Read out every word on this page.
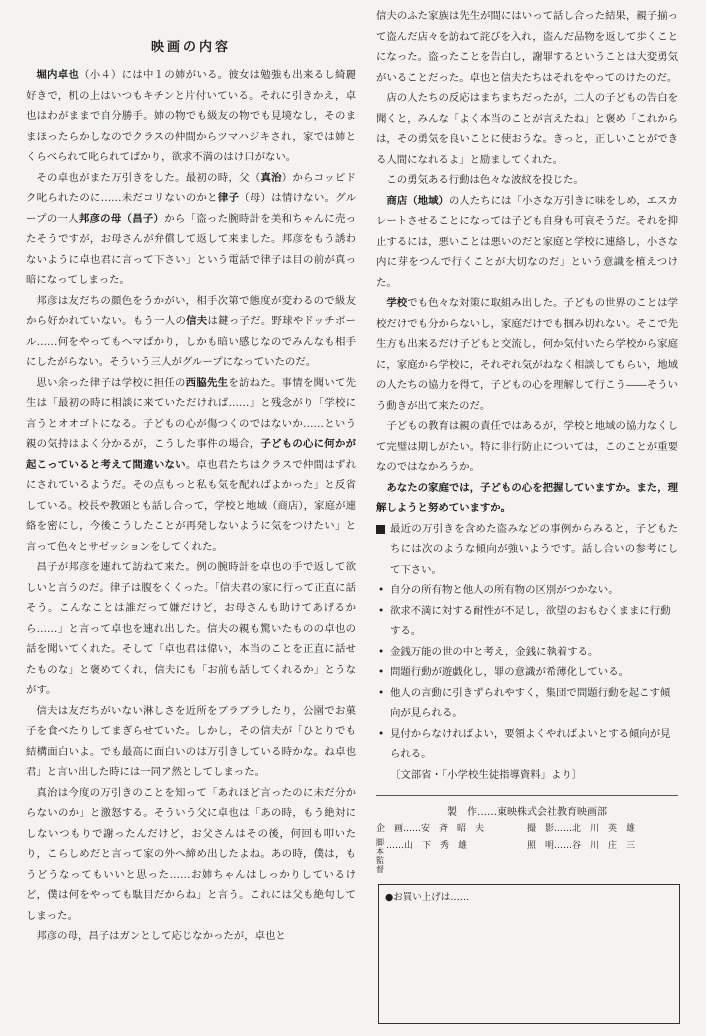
映画の内容

堀内卓也（小４）には中１の姉がいる。彼女は勉強も出来るし綺麗好きで，机の上はいつもキチンと片付いている。それに引きかえ，卓也はわがままで自分勝手。姉の物でも級友の物でも見境なし，そのままほったらかしなのでクラスの仲間からツマハジキされ，家では姉とくらべられて叱られてばかり，欲求不満のはけ口がない。

その卓也がまた万引きをした。最初の時，父（真治）からコッピドク叱られたのに……未だコリないのかと律子（母）は情けない。グループの一人邦彦の母（昌子）から「盗った腕時計を美和ちゃんに売ったそうですが，お母さんが弁償して返して来ました。邦彦をもう誘わないように卓也君に言って下さい」という電話で律子は目の前が真っ暗になってしまった。

邦彦は友だちの顔色をうかがい，相手次第で態度が変わるので級友から好かれていない。もう一人の信夫は鍵っ子だ。野球やドッチボール……何をやってもヘマばかり，しかも暗い感じなのでみんなも相手にしたがらない。そういう三人がグループになっていたのだ。

思い余った律子は学校に担任の西脇先生を訪ねた。事情を聞いて先生は「最初の時に相談に来ていただければ……」と残念がり「学校に言うとオオゴトになる。子どもの心が傷つくのではないか……という親の気持はよく分かるが，こうした事件の場合，子どもの心に何かが起こっていると考えて間違いない。卓也君たちはクラスで仲間はずれにされているようだ。その点もっと私も気を配ればよかった」と反省している。校長や教頭とも話し合って，学校と地域（商店），家庭が連絡を密にし，今後こうしたことが再発しないように気をつけたい」と言って色々とサゼッションをしてくれた。

昌子が邦彦を連れて訪ねて来た。例の腕時計を卓也の手で返して欲しいと言うのだ。律子は腹をくくった。「信夫君の家に行って正直に話そう。こんなことは誰だって嫌だけど，お母さんも助けてあげるから……」と言って卓也を連れ出した。信夫の親も驚いたものの卓也の話を聞いてくれた。そして「卓也君は偉い，本当のことを正直に話せたものな」と褒めてくれ，信夫にも「お前も話してくれるか」とうながす。

信夫は友だちがいない淋しさを近所をブラブラしたり，公園でお菓子を食べたりしてまぎらせていた。しかし，その信夫が「ひとりでも結構面白いよ。でも最高に面白いのは万引きしている時かな。ね卓也君」と言い出した時には一同ア然としてしまった。

真治は今度の万引きのことを知って「あれほど言ったのに未だ分からないのか」と激怒する。そういう父に卓也は「あの時，もう絶対にしないつもりで謝ったんだけど，お父さんはその後，何回も叩いたり，こらしめだと言って家の外へ締め出したよね。あの時，僕は，もうどうなってもいいと思った……お姉ちゃんはしっかりしているけど，僕は何をやっても駄目だからね」と言う。これには父も絶句してしまった。

邦彦の母，昌子はガンとして応じなかったが，卓也と

信夫のふた家族は先生が間にはいって話し合った結果，親子揃って盗んだ店々を訪ねて詫びを入れ，盗んだ品物を返して歩くことになった。盗ったことを告白し，謝罪するということは大変勇気がいることだった。卓也と信夫たちはそれをやってのけたのだ。

店の人たちの反応はまちまちだったが，二人の子どもの告白を聞くと，みんな「よく本当のことが言えたね」と褒め「これからは，その勇気を良いことに使おうな。きっと，正しいことができる人間になれるよ」と励ましてくれた。

この勇気ある行動は色々な波紋を投じた。

商店（地域）の人たちには「小さな万引きに味をしめ，エスカレートさせることになっては子ども自身も可哀そうだ。それを抑止するには，悪いことは悪いのだと家庭と学校に連絡し，小さな内に芽をつんで行くことが大切なのだ」という意識を植えつけた。

学校でも色々な対策に取組み出した。子どもの世界のことは学校だけでも分からないし，家庭だけでも掴み切れない。そこで先生方も出来るだけ子どもと交流し，何か気付いたら学校から家庭に，家庭から学校に，それぞれ気がねなく相談してもらい，地域の人たちの協力を得て，子どもの心を理解して行こう――そういう動きが出て来たのだ。

子どもの教育は親の責任ではあるが，学校と地域の協力なくして完璧は期しがたい。特に非行防止については，このことが重要なのではなかろうか。

あなたの家庭では，子どもの心を把握していますか。また，理解しようと努めていますか。

最近の万引きを含めた盗みなどの事例からみると，子どもたちには次のような傾向が強いようです。話し合いの参考にして下さい。

• 自分の所有物と他人の所有物の区別がつかない。
• 欲求不満に対する耐性が不足し，欲望のおもむくままに行動する。
• 金銭万能の世の中と考え，金銭に執着する。
• 問題行動が遊戯化し，罪の意識が希薄化している。
• 他人の言動に引きずられやすく，集団で問題行動を起こす傾向が見られる。
• 見付からなければよい，要領よくやればよいとする傾向が見られる。

〔文部省・「小学校生徒指導資料」より〕

製　作……東映株式会社教育映画部
企　画……安　斉　昭　夫	撮　影……北　川　英　雄
脚本
監督……山　下　秀　雄	照　明……谷　川　庄　三
●お買い上げは……
